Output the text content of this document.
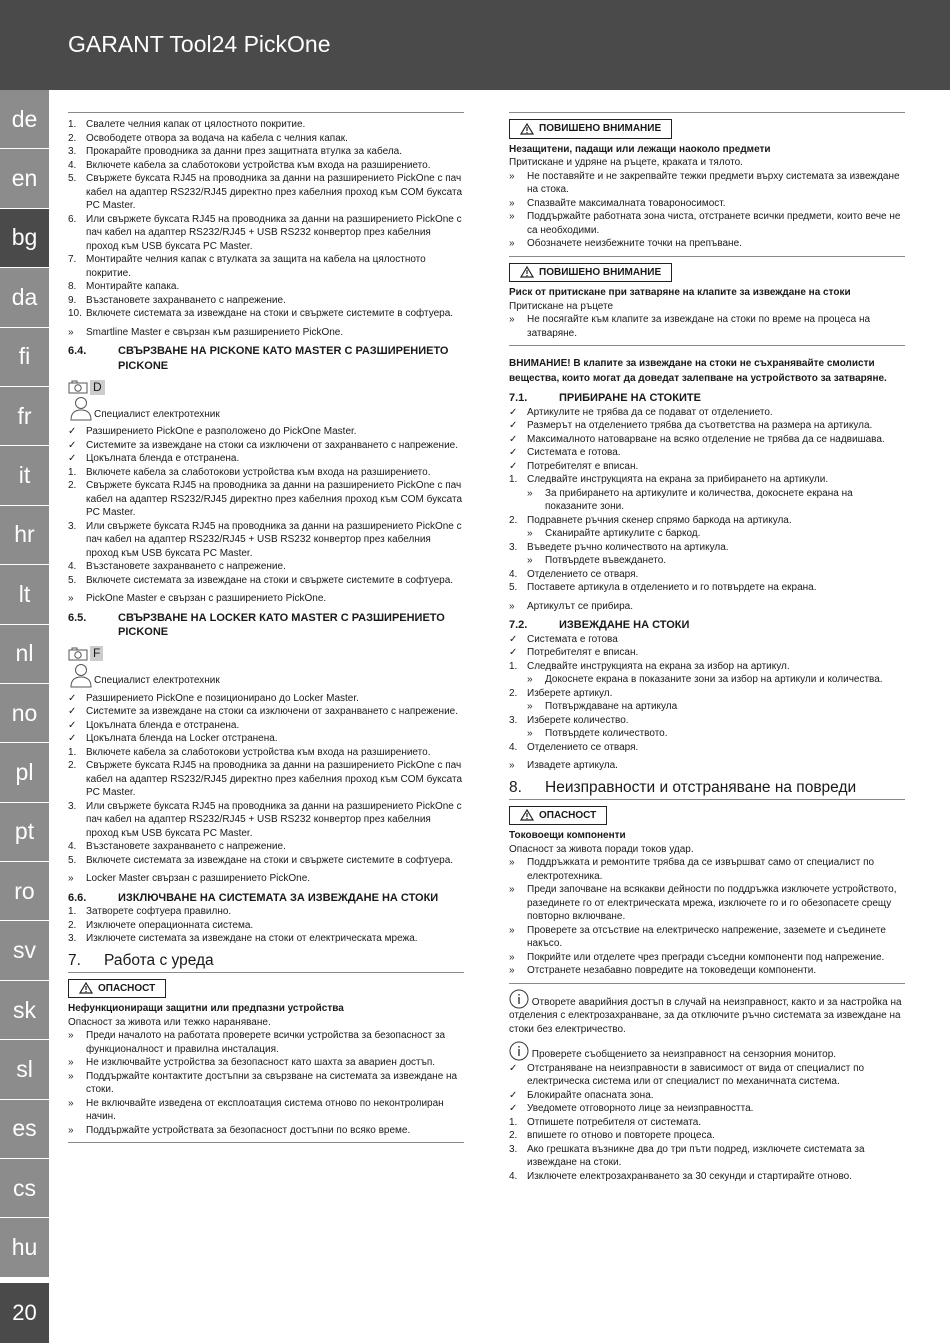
GARANT Tool24 PickOne
de
en
bg
da
fi
fr
it
hr
lt
nl
no
pl
pt
ro
sv
sk
sl
es
cs
hu
20
1. Свалете челния капак от цялостното покритие.
2. Освободете отвора за водача на кабела с челния капак.
3. Прокарайте проводника за данни през защитната втулка за кабела.
4. Включете кабела за слаботокови устройства към входа на разширението.
5. Свържете буксата RJ45 на проводника за данни на разширението PickOne с пач кабел на адаптер RS232/RJ45 директно през кабелния проход към COM буксата PC Master.
6. Или свържете буксата RJ45 на проводника за данни на разширението PickOne с пач кабел на адаптер RS232/RJ45 + USB RS232 конвертор през кабелния проход към USB буксата PC Master.
7. Монтирайте челния капак с втулката за защита на кабела на цялостното покритие.
8. Монтирайте капака.
9. Възстановете захранването с напрежение.
10. Включете системата за извеждане на стоки и свържете системите в софтуера.
»	Smartline Master е свързан към разширението PickOne.
6.4.	СВЪРЗВАНЕ НА PICKONE КАТО MASTER С РАЗШИРЕНИЕТО PICKONE
D
Специалист електротехник
✓ Разширението PickOne е разположено до PickOne Master.
✓ Системите за извеждане на стоки са изключени от захранването с напрежение.
✓ Цокълната бленда е отстранена.
1. Включете кабела за слаботокови устройства към входа на разширението.
2. Свържете буксата RJ45 на проводника за данни на разширението PickOne с пач кабел на адаптер RS232/RJ45 директно през кабелния проход към COM буксата PC Master.
3. Или свържете буксата RJ45 на проводника за данни на разширението PickOne с пач кабел на адаптер RS232/RJ45 + USB RS232 конвертор през кабелния проход към USB буксата PC Master.
4. Възстановете захранването с напрежение.
5. Включете системата за извеждане на стоки и свържете системите в софтуера.
»	PickOne Master е свързан с разширението PickOne.
6.5.	СВЪРЗВАНЕ НА LOCKER КАТО MASTER С РАЗШИРЕНИЕТО PICKONE
F
Специалист електротехник
✓ Разширението PickOne е позиционирано до Locker Master.
✓ Системите за извеждане на стоки са изключени от захранването с напрежение.
✓ Цокълната бленда е отстранена.
✓ Цокълната бленда на Locker отстранена.
1. Включете кабела за слаботокови устройства към входа на разширението.
2. Свържете буксата RJ45 на проводника за данни на разширението PickOne с пач кабел на адаптер RS232/RJ45 директно през кабелния проход към COM буксата PC Master.
3. Или свържете буксата RJ45 на проводника за данни на разширението PickOne с пач кабел на адаптер RS232/RJ45 + USB RS232 конвертор през кабелния проход към USB буксата PC Master.
4. Възстановете захранването с напрежение.
5. Включете системата за извеждане на стоки и свържете системите в софтуера.
»	Locker Master свързан с разширението PickOne.
6.6.	ИЗКЛЮЧВАНЕ НА СИСТЕМАТА ЗА ИЗВЕЖДАНЕ НА СТОКИ
1. Затворете софтуера правилно.
2. Изключете операционната система.
3. Изключете системата за извеждане на стоки от електрическата мрежа.
7.	Работа с уреда
ОПАСНОСТ
Нефункциониращи защитни или предпазни устройства
Опасност за живота или тежко нараняване.
»	Преди началото на работата проверете всички устройства за безопасност за функционалност и правилна инсталация.
»	Не изключвайте устройства за безопасност като шахта за авариен достъп.
»	Поддържайте контактите достъпни за свързване на системата за извеждане на стоки.
»	Не включвайте изведена от експлоатация система отново по неконтролиран начин.
»	Поддържайте устройствата за безопасност достъпни по всяко време.
ПОВИШЕНО ВНИМАНИЕ
Незащитени, падащи или лежащи наоколо предмети
Притискане и удряне на ръцете, краката и тялото.
»	Не поставяйте и не закрепвайте тежки предмети върху системата за извеждане на стока.
»	Спазвайте максималната товароносимост.
»	Поддържайте работната зона чиста, отстранете всички предмети, които вече не са необходими.
»	Обозначете неизбежните точки на препъване.
ПОВИШЕНО ВНИМАНИЕ
Риск от притискане при затваряне на клапите за извеждане на стоки
Притискане на ръцете
»	Не посягайте към клапите за извеждане на стоки по време на процеса на затваряне.
ВНИМАНИЕ! В клапите за извеждане на стоки не съхранявайте смолисти вещества, които могат да доведат залепване на устройството за затваряне.
7.1.	ПРИБИРАНЕ НА СТОКИТЕ
✓ Артикулите не трябва да се подават от отделението.
✓ Размерът на отделението трябва да съответства на размера на артикула.
✓ Максималното натоварване на всяко отделение не трябва да се надвишава.
✓ Системата е готова.
✓ Потребителят е вписан.
1. Следвайте инструкцията на екрана за прибирането на артикули.
»	За прибирането на артикулите и количества, докоснете екрана на показаните зони.
2. Подравнете ръчния скенер спрямо баркода на артикула.
»	Сканирайте артикулите с баркод.
3. Въведете ръчно количеството на артикула.
»	Потвърдете въвеждането.
4. Отделението се отваря.
5. Поставете артикула в отделението и го потвърдете на екрана.
»	Артикулът се прибира.
7.2.	ИЗВЕЖДАНЕ НА СТОКИ
✓ Системата е готова
✓ Потребителят е вписан.
1. Следвайте инструкцията на екрана за избор на артикул.
»	Докоснете екрана в показаните зони за избор на артикули и количества.
2. Изберете артикул.
»	Потвърждаване на артикула
3. Изберете количество.
»	Потвърдете количеството.
4. Отделението се отваря.
»	Извадете артикула.
8.	Неизправности и отстраняване на повреди
ОПАСНОСТ
Токовоещи компоненти
Опасност за живота поради токов удар.
»	Поддръжката и ремонтите трябва да се извършват само от специалист по електротехника.
»	Преди започване на всякакви дейности по поддръжка изключете устройството, разединете го от електрическата мрежа, изключете го и го обезопасете срещу повторно включване.
»	Проверете за отсъствие на електрическо напрежение, заземете и съединете накъсо.
»	Покрийте или отделете чрез прегради съседни компоненти под напрежение.
»	Отстранете незабавно повредите на токоведещи компоненти.
Отворете аварийния достъп в случай на неизправност, както и за настройка на отделения с електрозахранване, за да отключите ръчно системата за извеждане на стоки без електричество.
Проверете съобщението за неизправност на сензорния монитор.
✓ Отстраняване на неизправности в зависимост от вида от специалист по електрическа система или от специалист по механичната система.
✓ Блокирайте опасната зона.
✓ Уведомете отговорното лице за неизправността.
1. Отпишете потребителя от системата.
2. впишете го отново и повторете процеса.
3. Ако грешката възникне два до три пъти подред, изключете системата за извеждане на стоки.
4. Изключете електрозахранването за 30 секунди и стартирайте отново.
